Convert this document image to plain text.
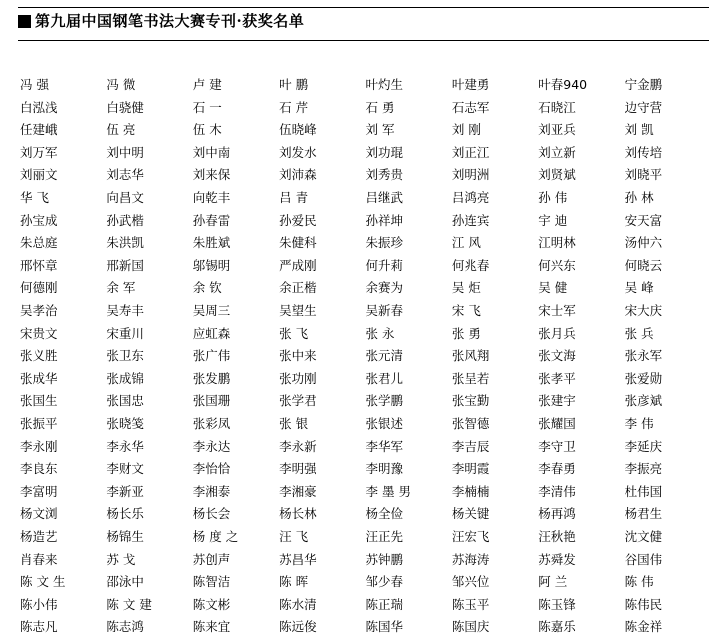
第九届中国钢笔书法大赛专刊·获奖名单
冯 强	冯 微	卢 建	叶 鹏	叶灼生	叶建勇	叶春940	宁金鹏
白泓浅	白骁健	石 一	石 芹	石 勇	石志军	石晓江	边守营
任建峨	伍 亮	伍 木	伍晓峰	刘 军	刘 刚	刘亚兵	刘 凯
刘万军	刘中明	刘中南	刘发水	刘功琨	刘正江	刘立新	刘传培
刘丽文	刘志华	刘来保	刘沛森	刘秀贵	刘明洲	刘贤斌	刘晓平
华 飞	向昌文	向乾丰	吕 青	吕继武	吕鸿亮	孙 伟	孙 林
孙宝成	孙武楷	孙春雷	孙爱民	孙祥坤	孙连宾	宇 迪	安天富
朱总庭	朱洪凯	朱胜斌	朱健科	朱振珍	江 风	江明林	汤仲六
邢怀章	邢新国	邬锡明	严成刚	何升莉	何兆春	何兴东	何晓云
何德刚	余 军	余 钦	余正楷	余赛为	吴 炬	吴 健	吴 峰
吴孝治	吴寿丰	吴周三	吴望生	吴新春	宋 飞	宋士军	宋大庆
宋贵文	宋重川	应虹森	张 飞	张 永	张 勇	张月兵	张 兵
张义胜	张卫东	张广伟	张中来	张元清	张风翔	张文海	张永军
张成华	张成锦	张发鹏	张功刚	张君儿	张呈若	张孝平	张爱勋
张国生	张国忠	张国珊	张学君	张学鹏	张宝勤	张建宇	张彦斌
张振平	张晓笺	张彩凤	张 银	张银述	张智德	张耀国	李 伟
李永刚	李永华	李永达	李永新	李华军	李吉辰	李守卫	李延庆
李良东	李财文	李怡恰	李明强	李明豫	李明霞	李春勇	李振亮
李富明	李新亚	李湘泰	李湘豪	李 墨 男	李楠楠	李清伟	杜伟国
杨文浏	杨长乐	杨长会	杨长林	杨全俭	杨关键	杨再鸿	杨君生
杨造艺	杨锦生	杨 度 之	汪 飞	汪正先	汪宏飞	汪秋艳	沈文健
肖春来	苏 戈	苏创声	苏昌华	苏钟鹏	苏海涛	苏舜发	谷国伟
陈 文 生	邵泳中	陈智洁	陈 晖	邹少春	邹兴位	阿 兰	陈 伟
陈小伟	陈 文 建	陈文彬	陈水清	陈正瑞	陈玉平	陈玉锋	陈伟民
陈志凡	陈志鸿	陈来宜	陈远俊	陈国华	陈国庆	陈嘉乐	陈金祥
